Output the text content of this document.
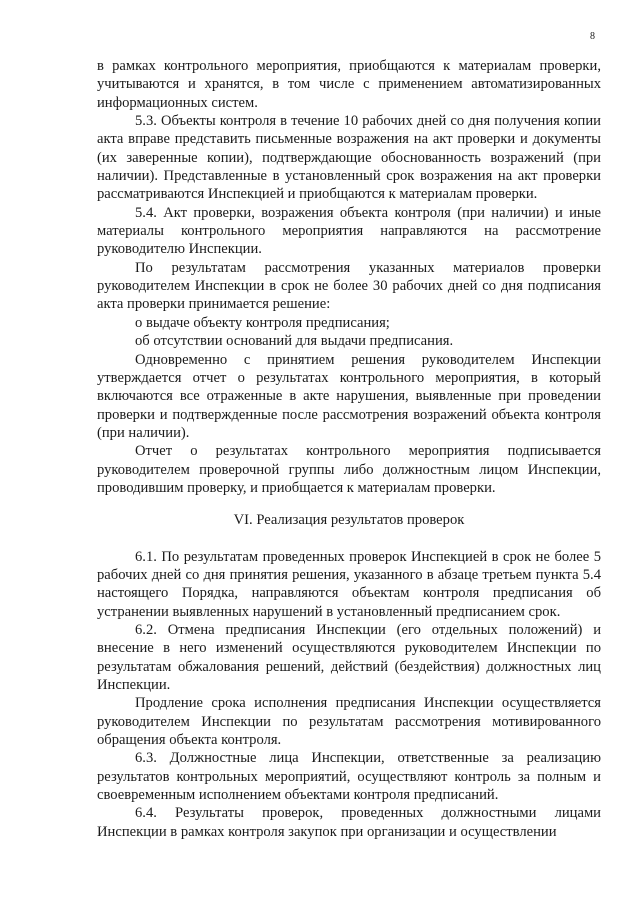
8

в рамках контрольного мероприятия, приобщаются к материалам проверки, учитываются и хранятся, в том числе с применением автоматизированных информационных систем.

5.3. Объекты контроля в течение 10 рабочих дней со дня получения копии акта вправе представить письменные возражения на акт проверки и документы (их заверенные копии), подтверждающие обоснованность возражений (при наличии). Представленные в установленный срок возражения на акт проверки рассматриваются Инспекцией и приобщаются к материалам проверки.

5.4. Акт проверки, возражения объекта контроля (при наличии) и иные материалы контрольного мероприятия направляются на рассмотрение руководителю Инспекции.

По результатам рассмотрения указанных материалов проверки руководителем Инспекции в срок не более 30 рабочих дней со дня подписания акта проверки принимается решение:

о выдаче объекту контроля предписания;

об отсутствии оснований для выдачи предписания.

Одновременно с принятием решения руководителем Инспекции утверждается отчет о результатах контрольного мероприятия, в который включаются все отраженные в акте нарушения, выявленные при проведении проверки и подтвержденные после рассмотрения возражений объекта контроля (при наличии).

Отчет о результатах контрольного мероприятия подписывается руководителем проверочной группы либо должностным лицом Инспекции, проводившим проверку, и приобщается к материалам проверки.

VI. Реализация результатов проверок

6.1. По результатам проведенных проверок Инспекцией в срок не более 5 рабочих дней со дня принятия решения, указанного в абзаце третьем пункта 5.4 настоящего Порядка, направляются объектам контроля предписания об устранении выявленных нарушений в установленный предписанием срок.

6.2. Отмена предписания Инспекции (его отдельных положений) и внесение в него изменений осуществляются руководителем Инспекции по результатам обжалования решений, действий (бездействия) должностных лиц Инспекции.

Продление срока исполнения предписания Инспекции осуществляется руководителем Инспекции по результатам рассмотрения мотивированного обращения объекта контроля.

6.3. Должностные лица Инспекции, ответственные за реализацию результатов контрольных мероприятий, осуществляют контроль за полным и своевременным исполнением объектами контроля предписаний.

6.4. Результаты проверок, проведенных должностными лицами Инспекции в рамках контроля закупок при организации и осуществлении
